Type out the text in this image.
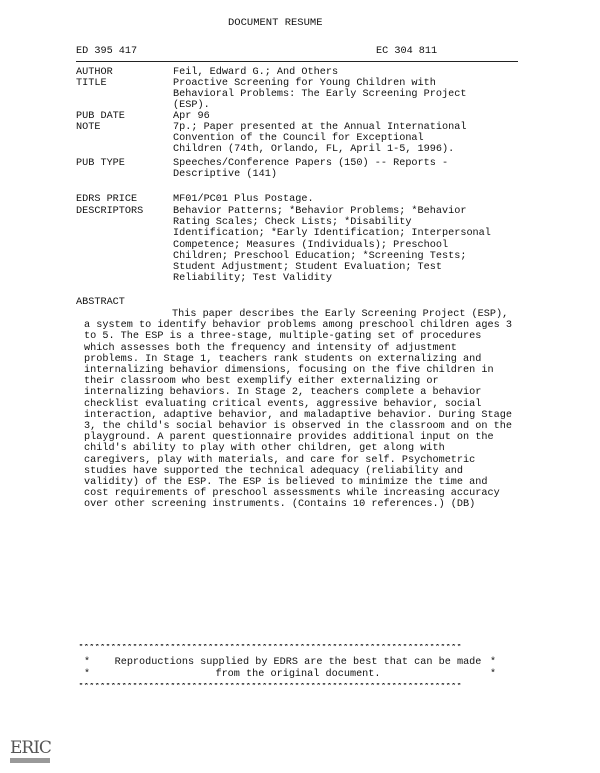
DOCUMENT RESUME
ED 395 417	EC 304 811
AUTHOR	Feil, Edward G.; And Others
TITLE	Proactive Screening for Young Children with Behavioral Problems: The Early Screening Project (ESP).
PUB DATE	Apr 96
NOTE	7p.; Paper presented at the Annual International Convention of the Council for Exceptional Children (74th, Orlando, FL, April 1-5, 1996).
PUB TYPE	Speeches/Conference Papers (150) -- Reports - Descriptive (141)
EDRS PRICE	MF01/PC01 Plus Postage.
DESCRIPTORS	Behavior Patterns; *Behavior Problems; *Behavior Rating Scales; Check Lists; *Disability Identification; *Early Identification; Interpersonal Competence; Measures (Individuals); Preschool Children; Preschool Education; *Screening Tests; Student Adjustment; Student Evaluation; Test Reliability; Test Validity
ABSTRACT
This paper describes the Early Screening Project (ESP), a system to identify behavior problems among preschool children ages 3 to 5. The ESP is a three-stage, multiple-gating set of procedures which assesses both the frequency and intensity of adjustment problems. In Stage 1, teachers rank students on externalizing and internalizing behavior dimensions, focusing on the five children in their classroom who best exemplify either externalizing or internalizing behaviors. In Stage 2, teachers complete a behavior checklist evaluating critical events, aggressive behavior, social interaction, adaptive behavior, and maladaptive behavior. During Stage 3, the child's social behavior is observed in the classroom and on the playground. A parent questionnaire provides additional input on the child's ability to play with other children, get along with caregivers, play with materials, and care for self. Psychometric studies have supported the technical adequacy (reliability and validity) of the ESP. The ESP is believed to minimize the time and cost requirements of preschool assessments while increasing accuracy over other screening instruments. (Contains 10 references.) (DB)
***********************************************************************
*	*
Reproductions supplied by EDRS are the best that can be made
*	*
from the original document.
***********************************************************************
ERIC
